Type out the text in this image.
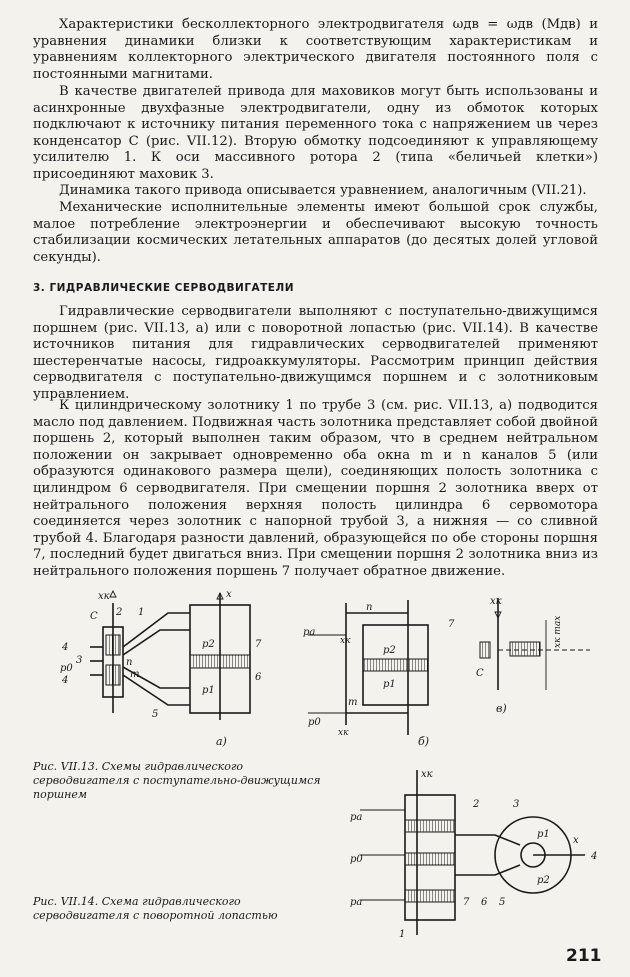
Характеристики бесколлекторного электродвигателя ωдв = ωдв (Mдв) и уравнения динамики близки к соответствующим характеристикам и уравнениям коллекторного электрического двигателя постоянного поля с постоянными магнитами.

В качестве двигателей привода для маховиков могут быть использованы и асинхронные двухфазные электродвигатели, одну из обмоток которых подключают к источнику питания переменного тока с напряжением uв через конденсатор C (рис. VII.12). Вторую обмотку подсоединяют к управляющему усилителю 1. К оси массивного ротора 2 (типа «беличьей клетки») присоединяют маховик 3.

Динамика такого привода описывается уравнением, аналогичным (VII.21).

Механические исполнительные элементы имеют большой срок службы, малое потребление электроэнергии и обеспечивают высокую точность стабилизации космических летательных аппаратов (до десятых долей угловой секунды).

3. ГИДРАВЛИЧЕСКИЕ СЕРВОДВИГАТЕЛИ

Гидравлические серводвигатели выполняют с поступательно-движущимся поршнем (рис. VII.13, а) или с поворотной лопастью (рис. VII.14). В качестве источников питания для гидравлических серводвигателей применяют шестеренчатые насосы, гидроаккумуляторы. Рассмотрим принцип действия серводвигателя с поступательно-движущимся поршнем и с золотниковым управлением.

К цилиндрическому золотнику 1 по трубе 3 (см. рис. VII.13, а) подводится масло под давлением. Подвижная часть золотника представляет собой двойной поршень 2, который выполнен таким образом, что в среднем нейтральном положении он закрывает одновременно оба окна m и n каналов 5 (или образуются одинакового размера щели), соединяющих полость золотника с цилиндром 6 серводвигателя. При смещении поршня 2 золотника вверх от нейтрального положения верхняя полость цилиндра 6 сервомотора соединяется через золотник с напорной трубой 3, а нижняя — со сливной трубой 4. Благодаря разности давлений, образующейся по обе стороны поршня 7, последний будет двигаться вниз. При смещении поршня 2 золотника вниз из нейтрального положения поршень 7 получает обратное движение.

xк	x
C 2 1
4
3
p0
4
n
m
p2
p1
7
6
5
а)
pa
xк
n
7
p2
p1
m
p0
xк
б)
xк
C
xк max
в)

Рис. VII.13. Схемы гидравлического серводвигателя с поступательно-движущимся поршнем

xк
pa
p0
pa
2	3
p1
x
4
p2
7 6 5
1

Рис. VII.14. Схема гидравлического серводвигателя с поворотной лопастью

211
